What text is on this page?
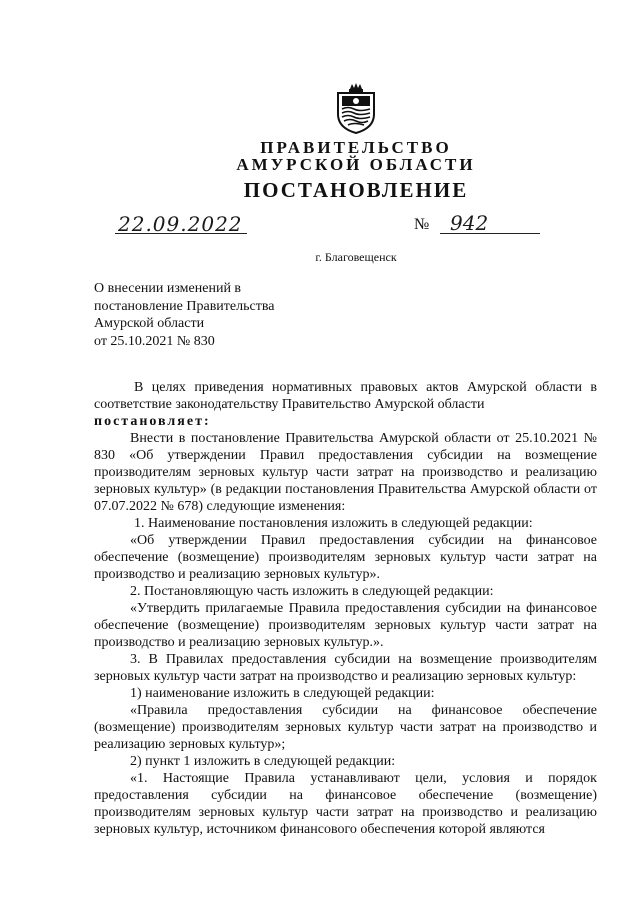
ПРАВИТЕЛЬСТВО
АМУРСКОЙ ОБЛАСТИ
ПОСТАНОВЛЕНИЕ
22.09.2022	№ 942
г. Благовещенск
О внесении изменений в
постановление Правительства
Амурской области
от 25.10.2021 № 830

В целях приведения нормативных правовых актов Амурской области в соответствие законодательству Правительство Амурской области

постановляет:

Внести в постановление Правительства Амурской области от 25.10.2021 № 830 «Об утверждении Правил предоставления субсидии на возмещение производителям зерновых культур части затрат на производство и реализацию зерновых культур» (в редакции постановления Правительства Амурской области от 07.07.2022 № 678) следующие изменения:

1. Наименование постановления изложить в следующей редакции:

«Об утверждении Правил предоставления субсидии на финансовое обеспечение (возмещение) производителям зерновых культур части затрат на производство и реализацию зерновых культур».

2. Постановляющую часть изложить в следующей редакции:

«Утвердить прилагаемые Правила предоставления субсидии на финансовое обеспечение (возмещение) производителям зерновых культур части затрат на производство и реализацию зерновых культур.».

3. В Правилах предоставления субсидии на возмещение производителям зерновых культур части затрат на производство и реализацию зерновых культур:

1) наименование изложить в следующей редакции:

«Правила предоставления субсидии на финансовое обеспечение (возмещение) производителям зерновых культур части затрат на производство и реализацию зерновых культур»;

2) пункт 1 изложить в следующей редакции:

«1. Настоящие Правила устанавливают цели, условия и порядок предоставления субсидии на финансовое обеспечение (возмещение) производителям зерновых культур части затрат на производство и реализацию зерновых культур, источником финансового обеспечения которой являются
